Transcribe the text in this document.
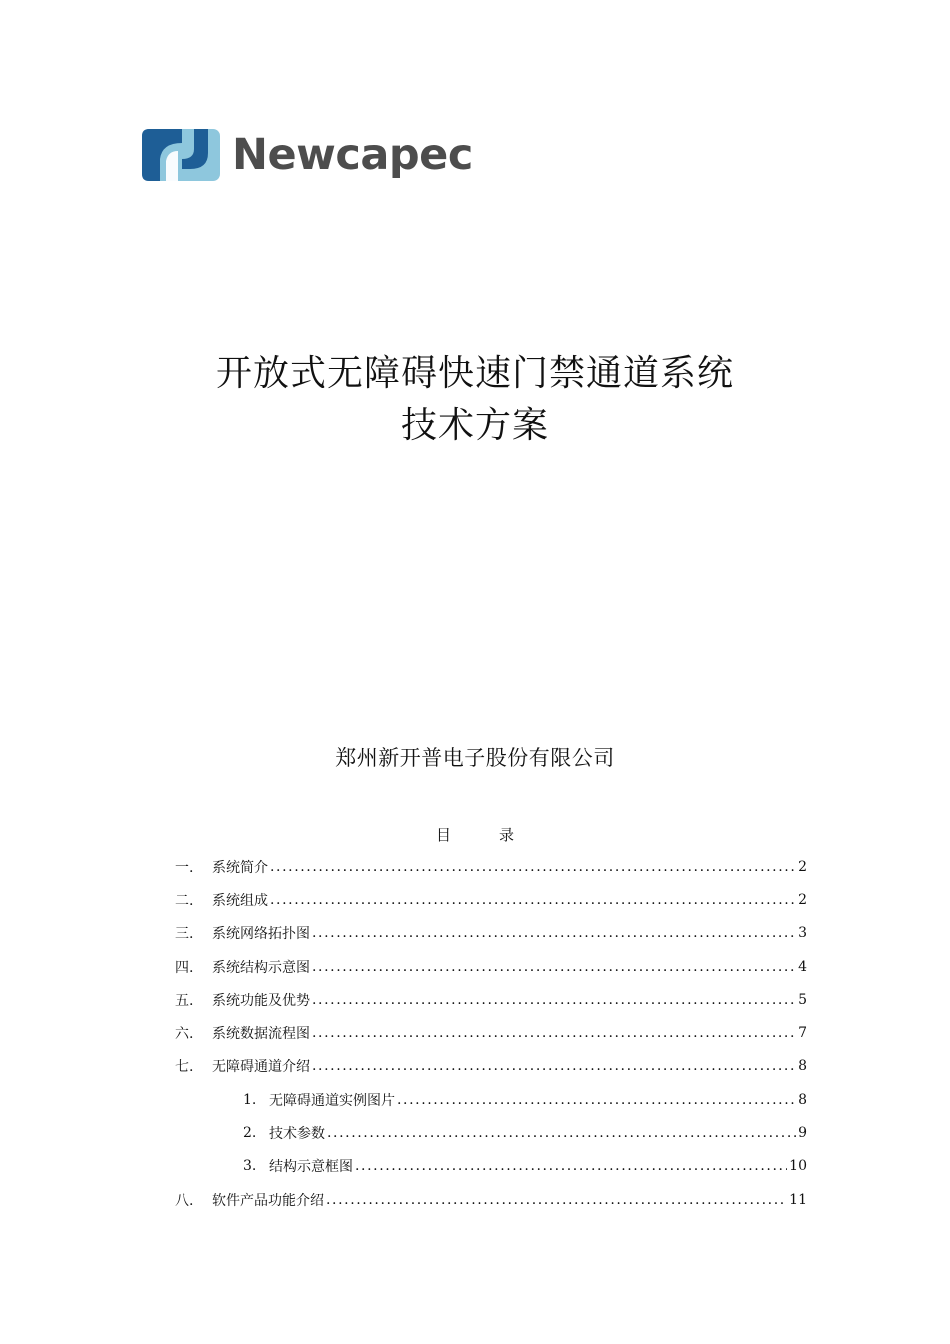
Newcapec
开放式无障碍快速门禁通道系统
技术方案
郑州新开普电子股份有限公司
目	录
一.	系统简介 .....	2
二.	系统组成 .....	2
三.	系统网络拓扑图 .....	3
四.	系统结构示意图 .....	4
五.	系统功能及优势 .....	5
六.	系统数据流程图 .....	7
七.	无障碍通道介绍 .....	8
1. 无障碍通道实例图片 .....	8
2. 技术参数 .....	9
3. 结构示意框图 .....	10
八.	软件产品功能介绍 .....	11
